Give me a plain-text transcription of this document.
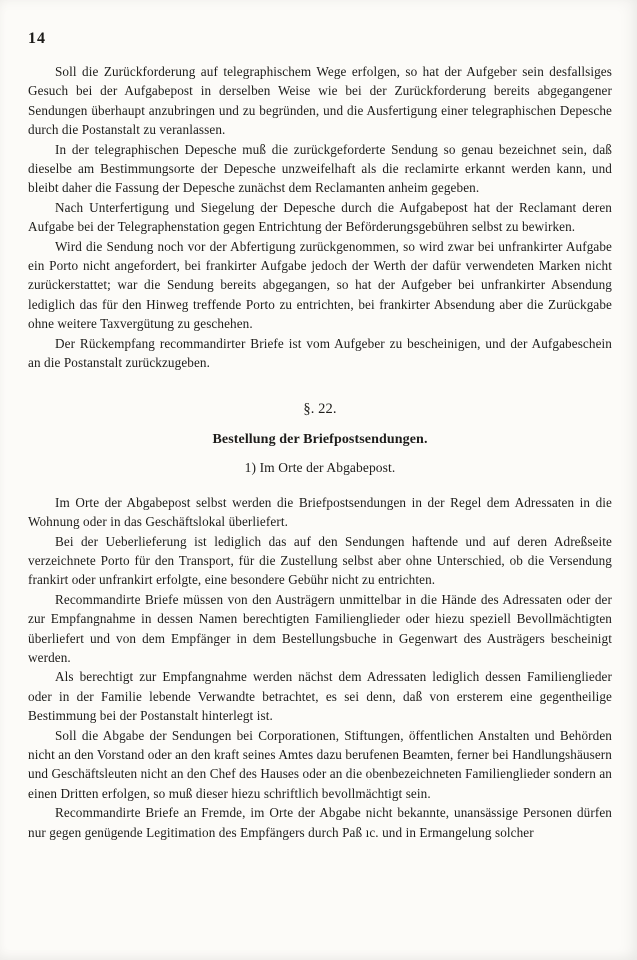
14

Soll die Zurückforderung auf telegraphischem Wege erfolgen, so hat der Aufgeber sein desfallsiges Gesuch bei der Aufgabepost in derselben Weise wie bei der Zurückforderung bereits abgegangener Sendungen überhaupt anzubringen und zu begründen, und die Ausfertigung einer telegraphischen Depesche durch die Postanstalt zu veranlassen.

In der telegraphischen Depesche muß die zurückgeforderte Sendung so genau bezeichnet sein, daß dieselbe am Bestimmungsorte der Depesche unzweifelhaft als die reclamirte erkannt werden kann, und bleibt daher die Fassung der Depesche zunächst dem Reclamanten anheim gegeben.

Nach Unterfertigung und Siegelung der Depesche durch die Aufgabepost hat der Reclamant deren Aufgabe bei der Telegraphenstation gegen Entrichtung der Beförderungsgebühren selbst zu bewirken.

Wird die Sendung noch vor der Abfertigung zurückgenommen, so wird zwar bei unfrankirter Aufgabe ein Porto nicht angefordert, bei frankirter Aufgabe jedoch der Werth der dafür verwendeten Marken nicht zurückerstattet; war die Sendung bereits abgegangen, so hat der Aufgeber bei unfrankirter Absendung lediglich das für den Hinweg treffende Porto zu entrichten, bei frankirter Absendung aber die Zurückgabe ohne weitere Taxvergütung zu geschehen.

Der Rückempfang recommandirter Briefe ist vom Aufgeber zu bescheinigen, und der Aufgabeschein an die Postanstalt zurückzugeben.

§. 22.
Bestellung der Briefpostsendungen.
1) Im Orte der Abgabepost.

Im Orte der Abgabepost selbst werden die Briefpostsendungen in der Regel dem Adressaten in die Wohnung oder in das Geschäftslokal überliefert.

Bei der Ueberlieferung ist lediglich das auf den Sendungen haftende und auf deren Adreßseite verzeichnete Porto für den Transport, für die Zustellung selbst aber ohne Unterschied, ob die Versendung frankirt oder unfrankirt erfolgte, eine besondere Gebühr nicht zu entrichten.

Recommandirte Briefe müssen von den Austrägern unmittelbar in die Hände des Adressaten oder der zur Empfangnahme in dessen Namen berechtigten Familienglieder oder hiezu speziell Bevollmächtigten überliefert und von dem Empfänger in dem Bestellungsbuche in Gegenwart des Austrägers bescheinigt werden.

Als berechtigt zur Empfangnahme werden nächst dem Adressaten lediglich dessen Familienglieder oder in der Familie lebende Verwandte betrachtet, es sei denn, daß von ersterem eine gegentheilige Bestimmung bei der Postanstalt hinterlegt ist.

Soll die Abgabe der Sendungen bei Corporationen, Stiftungen, öffentlichen Anstalten und Behörden nicht an den Vorstand oder an den kraft seines Amtes dazu berufenen Beamten, ferner bei Handlungshäusern und Geschäftsleuten nicht an den Chef des Hauses oder an die obenbezeichneten Familienglieder sondern an einen Dritten erfolgen, so muß dieser hiezu schriftlich bevollmächtigt sein.

Recommandirte Briefe an Fremde, im Orte der Abgabe nicht bekannte, unansässige Personen dürfen nur gegen genügende Legitimation des Empfängers durch Paß ıc. und in Ermangelung solcher
